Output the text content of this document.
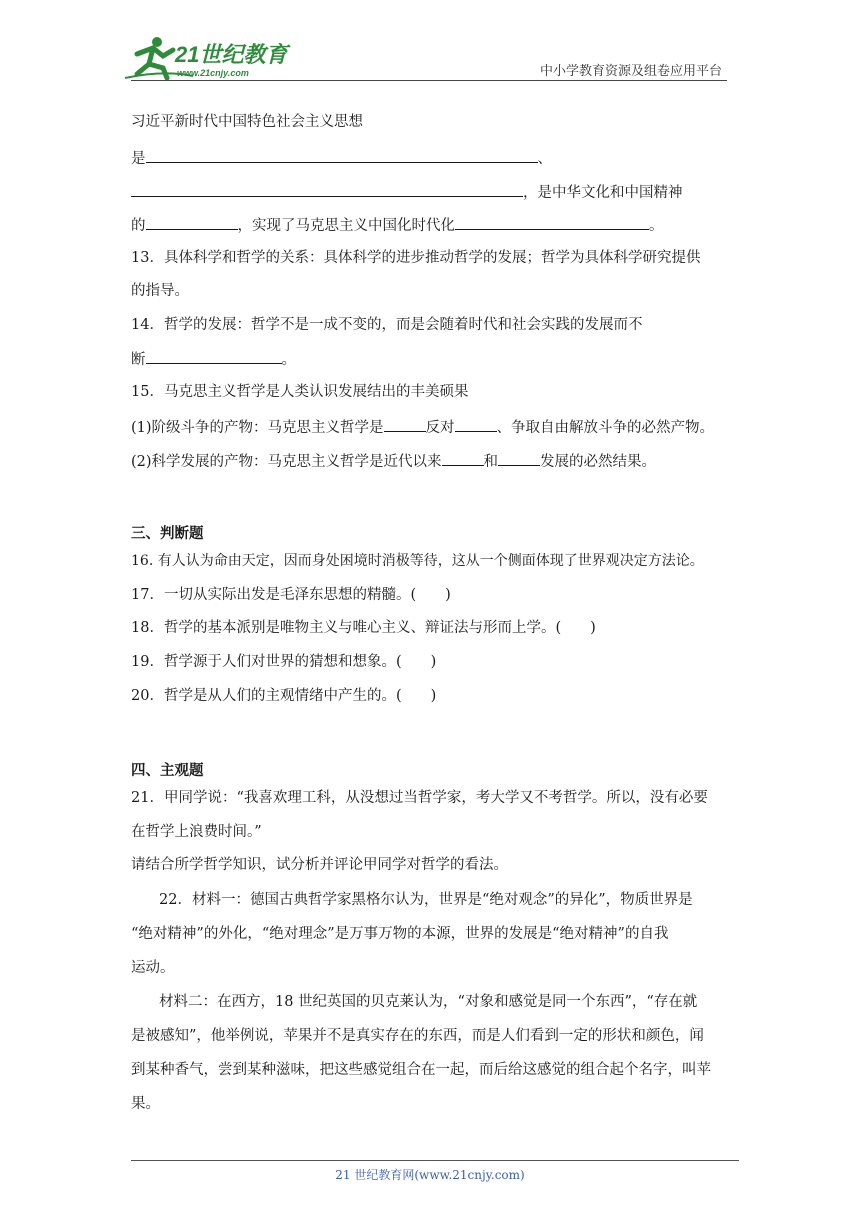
21世纪教育
www.21cnjy.com	中小学教育资源及组卷应用平台
习近平新时代中国特色社会主义思想
是	、
，是中华文化和中国精神
的	，实现了马克思主义中国化时代化	。
13．具体科学和哲学的关系：具体科学的进步推动哲学的发展；哲学为具体科学研究提供
的指导。
14．哲学的发展：哲学不是一成不变的，而是会随着时代和社会实践的发展而不
断	。
15．马克思主义哲学是人类认识发展结出的丰美硕果
(1)阶级斗争的产物：马克思主义哲学是	反对	、争取自由解放斗争的必然产物。
(2)科学发展的产物：马克思主义哲学是近代以来	和	发展的必然结果。
三、判断题
16. 有人认为命由天定，因而身处困境时消极等待，这从一个侧面体现了世界观决定方法论。
17．一切从实际出发是毛泽东思想的精髓。(　　)
18．哲学的基本派别是唯物主义与唯心主义、辩证法与形而上学。(　　)
19．哲学源于人们对世界的猜想和想象。(　　)
20．哲学是从人们的主观情绪中产生的。(　　)
四、主观题
21．甲同学说：“我喜欢理工科，从没想过当哲学家，考大学又不考哲学。所以，没有必要
在哲学上浪费时间。”
请结合所学哲学知识，试分析并评论甲同学对哲学的看法。
22．材料一：德国古典哲学家黑格尔认为，世界是“绝对观念”的异化”，物质世界是
“绝对精神”的外化，“绝对理念”是万事万物的本源，世界的发展是“绝对精神”的自我
运动。
材料二：在西方，18 世纪英国的贝克莱认为，“对象和感觉是同一个东西”，“存在就
是被感知”，他举例说，苹果并不是真实存在的东西，而是人们看到一定的形状和颜色，闻
到某种香气，尝到某种滋味，把这些感觉组合在一起，而后给这感觉的组合起个名字，叫苹
果。
21 世纪教育网(www.21cnjy.com)
